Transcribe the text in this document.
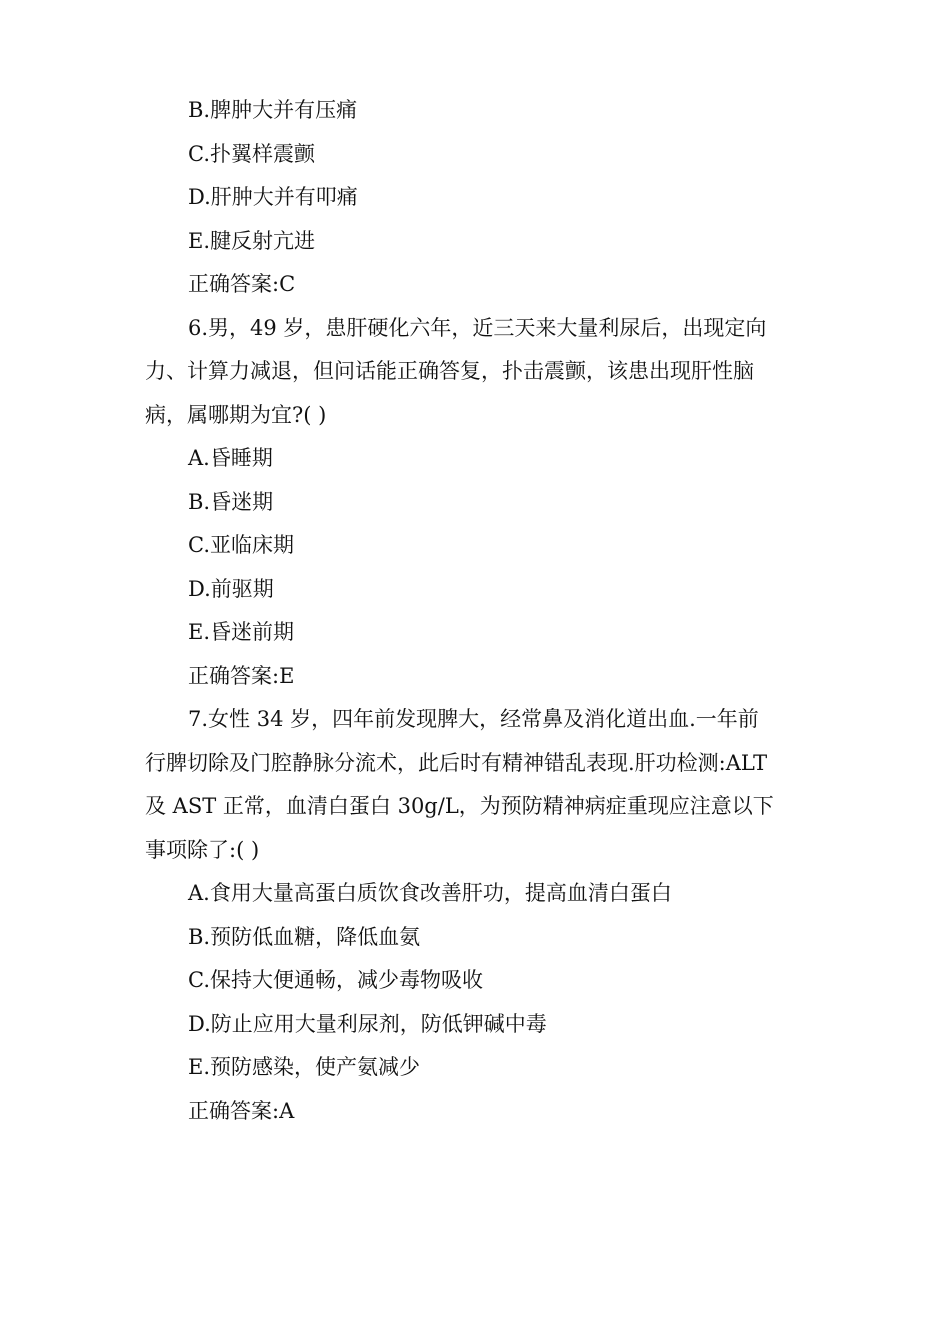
B.脾肿大并有压痛
C.扑翼样震颤
D.肝肿大并有叩痛
E.腱反射亢进
正确答案:C
6.男，49 岁，患肝硬化六年，近三天来大量利尿后，出现定向
力、计算力减退，但问话能正确答复，扑击震颤，该患出现肝性脑
病，属哪期为宜?( )
A.昏睡期
B.昏迷期
C.亚临床期
D.前驱期
E.昏迷前期
正确答案:E
7.女性 34 岁，四年前发现脾大，经常鼻及消化道出血.一年前
行脾切除及门腔静脉分流术，此后时有精神错乱表现.肝功检测:ALT
及 AST 正常，血清白蛋白 30g/L，为预防精神病症重现应注意以下
事项除了:( )
A.食用大量高蛋白质饮食改善肝功，提高血清白蛋白
B.预防低血糖，降低血氨
C.保持大便通畅，减少毒物吸收
D.防止应用大量利尿剂，防低钾碱中毒
E.预防感染，使产氨减少
正确答案:A
